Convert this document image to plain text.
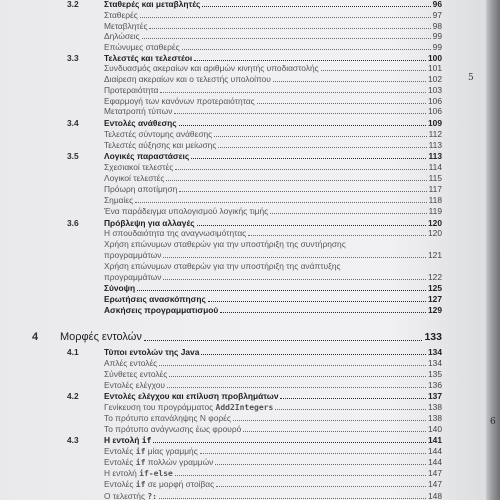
3.2	Σταθερές και μεταβλητές	96
Σταθερές	97
Μεταβλητές	98
Δηλώσεις	99
Επώνυμες σταθερές	99
3.3	Τελεστές και τελεστέοι	100
Συνδυασμός ακεραίων και αριθμών κινητής υποδιαστολής	101
Διαίρεση ακεραίων και ο τελεστής υπολοίπου	102
Προτεραιότητα	103
Εφαρμογή των κανόνων προτεραιότητας	106
Μετατροπή τύπων	106
3.4	Εντολές ανάθεσης	109
Τελεστές σύντομης ανάθεσης	112
Τελεστές αύξησης και μείωσης	113
3.5	Λογικές παραστάσεις	113
Σχεσιακοί τελεστές	114
Λογικοί τελεστές	115
Πρόωρη αποτίμηση	117
Σημαίες	118
Ένα παράδειγμα υπολογισμού λογικής τιμής	119
3.6	Πρόβλεψη για αλλαγές	120
Η σπουδαιότητα της αναγνωσιμότητας	120
Χρήση επώνυμων σταθερών για την υποστήριξη της συντήρησης
προγραμμάτων	121
Χρήση επώνυμων σταθερών για την υποστήριξη της ανάπτυξης
προγραμμάτων	122
Σύνοψη	125
Ερωτήσεις ανασκόπησης	127
Ασκήσεις προγραμματισμού	129
4 Μορφές εντολών	133
4.1	Τύποι εντολών της Java	134
Απλές εντολές	134
Σύνθετες εντολές	135
Εντολές ελέγχου	136
4.2	Εντολές ελέγχου και επίλυση προβλημάτων	137
Γενίκευση του προγράμματος Add2Integers	138
Το πρότυπο επανάληψης Ν φορές	138
Το πρότυπο ανάγνωσης έως φρουρό	140
4.3	Η εντολή if	141
Εντολές if μίας γραμμής	144
Εντολές if πολλών γραμμών	144
Η εντολή if-else	147
Εντολές if σε μορφή στοίβας	147
Ο τελεστής ?:	148
5
6
